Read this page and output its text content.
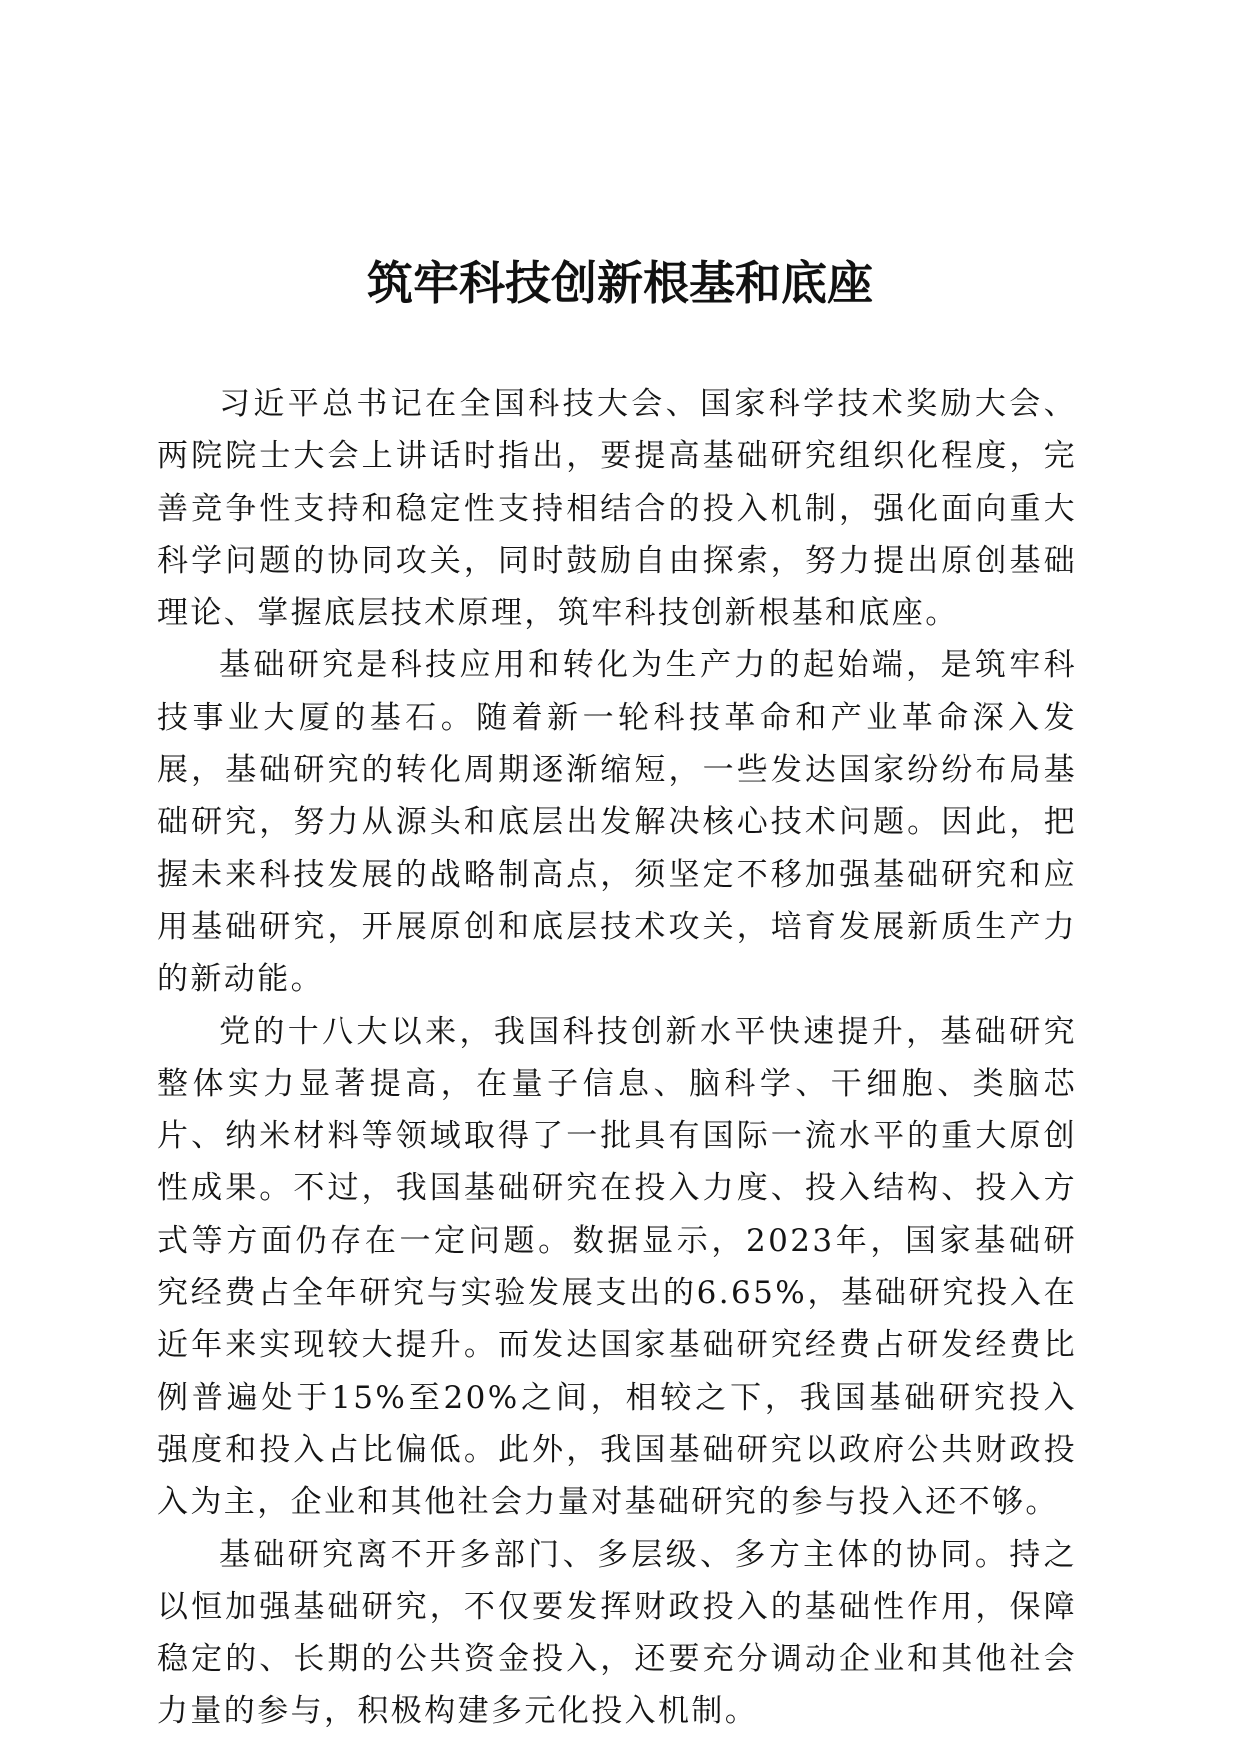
筑牢科技创新根基和底座

习近平总书记在全国科技大会、国家科学技术奖励大会、两院院士大会上讲话时指出，要提高基础研究组织化程度，完善竞争性支持和稳定性支持相结合的投入机制，强化面向重大科学问题的协同攻关，同时鼓励自由探索，努力提出原创基础理论、掌握底层技术原理，筑牢科技创新根基和底座。

基础研究是科技应用和转化为生产力的起始端，是筑牢科技事业大厦的基石。随着新一轮科技革命和产业革命深入发展，基础研究的转化周期逐渐缩短，一些发达国家纷纷布局基础研究，努力从源头和底层出发解决核心技术问题。因此，把握未来科技发展的战略制高点，须坚定不移加强基础研究和应用基础研究，开展原创和底层技术攻关，培育发展新质生产力的新动能。

党的十八大以来，我国科技创新水平快速提升，基础研究整体实力显著提高，在量子信息、脑科学、干细胞、类脑芯片、纳米材料等领域取得了一批具有国际一流水平的重大原创性成果。不过，我国基础研究在投入力度、投入结构、投入方式等方面仍存在一定问题。数据显示，2023年，国家基础研究经费占全年研究与实验发展支出的6.65%，基础研究投入在近年来实现较大提升。而发达国家基础研究经费占研发经费比例普遍处于15%至20%之间，相较之下，我国基础研究投入强度和投入占比偏低。此外，我国基础研究以政府公共财政投入为主，企业和其他社会力量对基础研究的参与投入还不够。

基础研究离不开多部门、多层级、多方主体的协同。持之以恒加强基础研究，不仅要发挥财政投入的基础性作用，保障稳定的、长期的公共资金投入，还要充分调动企业和其他社会力量的参与，积极构建多元化投入机制。
